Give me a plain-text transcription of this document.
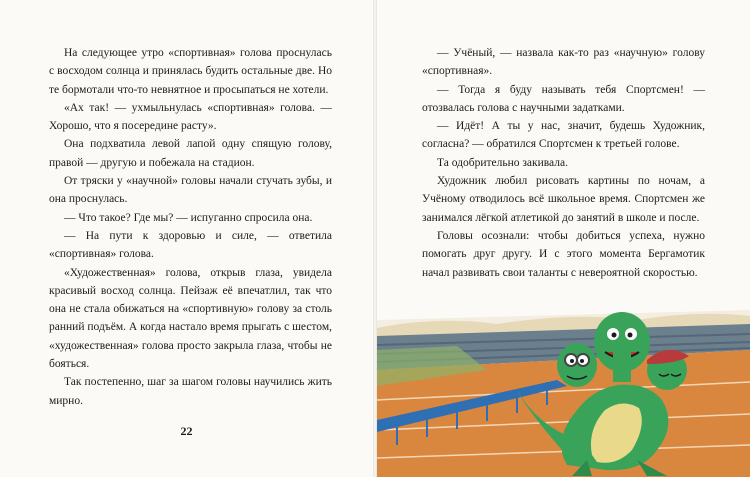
На следующее утро «спортивная» голова проснулась с восходом солнца и принялась будить остальные две. Но те бормотали что-то невнятное и просыпаться не хотели.

«Ах так! — ухмыльнулась «спортивная» голова. — Хорошо, что я посередине расту».

Она подхватила левой лапой одну спящую голову, правой — другую и побежала на стадион.

От тряски у «научной» головы начали стучать зубы, и она проснулась.

— Что такое? Где мы? — испуганно спросила она.

— На пути к здоровью и силе, — ответила «спортивная» голова.

«Художественная» голова, открыв глаза, увидела красивый восход солнца. Пейзаж её впечатлил, так что она не стала обижаться на «спортивную» голову за столь ранний подъём. А когда настало время прыгать с шестом, «художественная» голова просто закрыла глаза, чтобы не бояться.

Так постепенно, шаг за шагом головы научились жить мирно.

22

— Учёный, — назвала как-то раз «научную» голову «спортивная».

— Тогда я буду называть тебя Спортсмен! — отозвалась голова с научными задатками.

— Идёт! А ты у нас, значит, будешь Художник, согласна? — обратился Спортсмен к третьей голове.

Та одобрительно закивала.

Художник любил рисовать картины по ночам, а Учёному отводилось всё школьное время. Спортсмен же занимался лёгкой атлетикой до занятий в школе и после.

Головы осознали: чтобы добиться успеха, нужно помогать друг другу. И с этого момента Бергамотик начал развивать свои таланты с невероятной скоростью.
